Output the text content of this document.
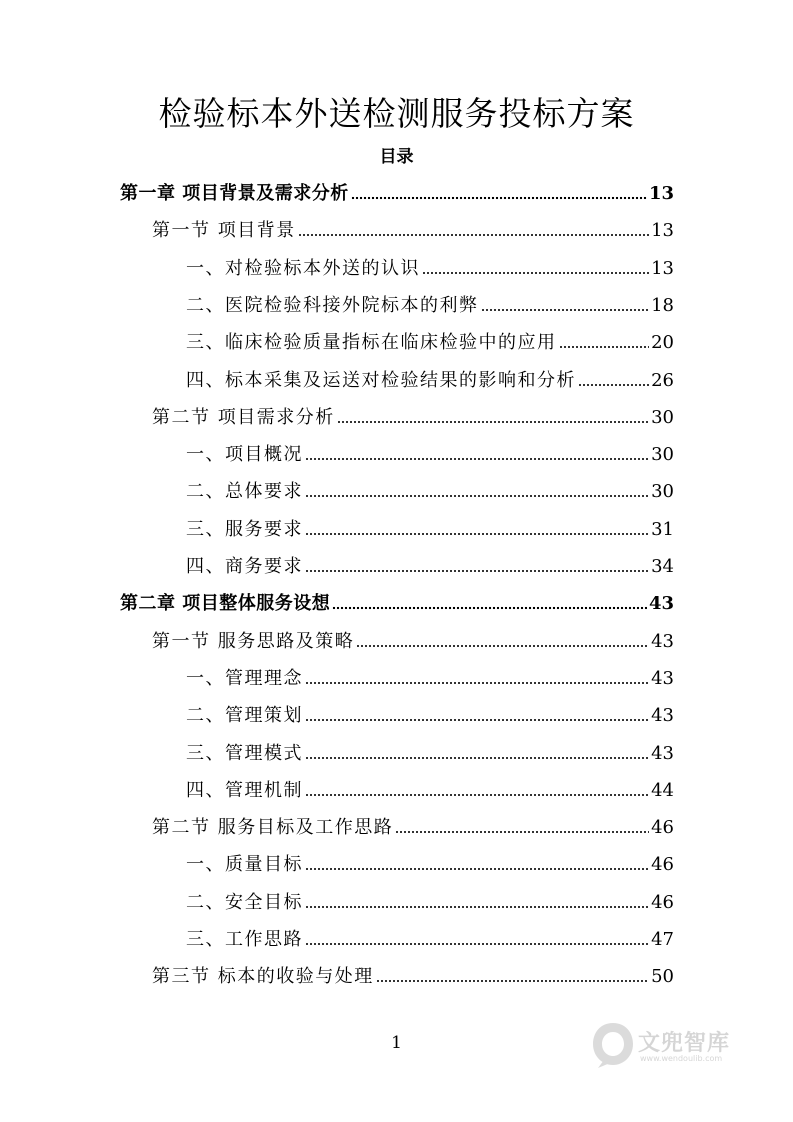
检验标本外送检测服务投标方案
目录
第一章 项目背景及需求分析	13
第一节 项目背景	13
一、对检验标本外送的认识	13
二、医院检验科接外院标本的利弊	18
三、临床检验质量指标在临床检验中的应用	20
四、标本采集及运送对检验结果的影响和分析	26
第二节 项目需求分析	30
一、项目概况	30
二、总体要求	30
三、服务要求	31
四、商务要求	34
第二章 项目整体服务设想	43
第一节 服务思路及策略	43
一、管理理念	43
二、管理策划	43
三、管理模式	43
四、管理机制	44
第二节 服务目标及工作思路	46
一、质量目标	46
二、安全目标	46
三、工作思路	47
第三节 标本的收验与处理	50
1	文兜智库
www.wendoulib.com
